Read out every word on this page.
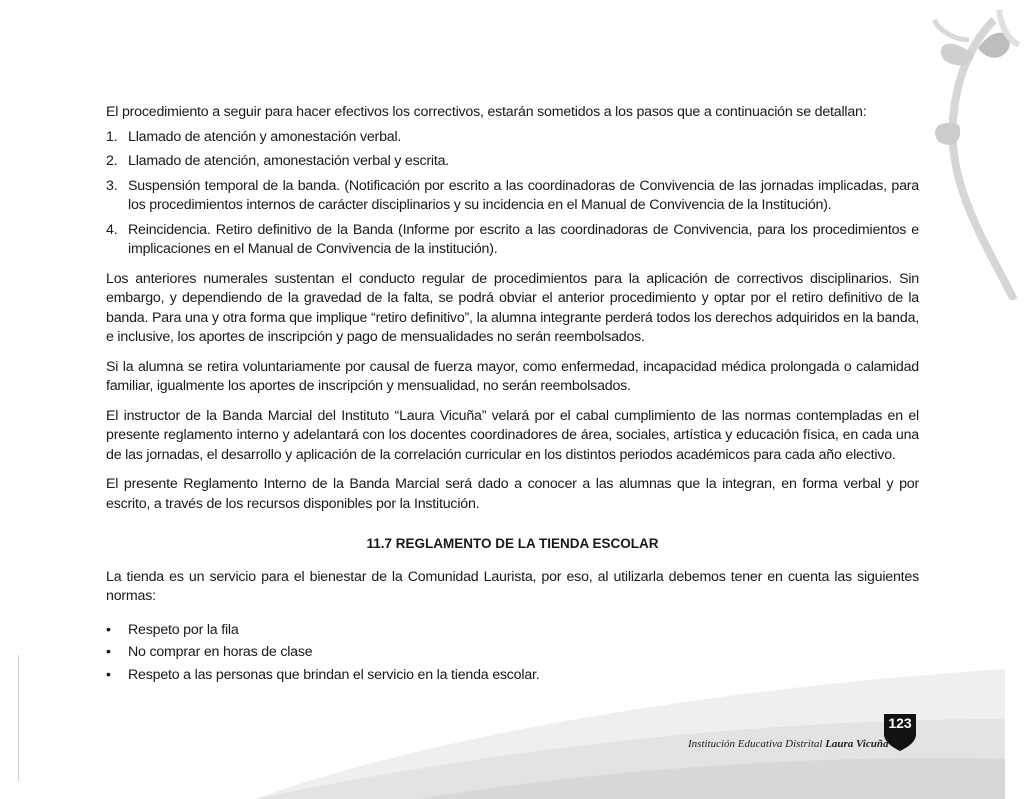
El procedimiento a seguir para hacer efectivos los correctivos, estarán sometidos a los pasos que a continuación se detallan:

1. Llamado de atención y amonestación verbal.
2. Llamado de atención, amonestación verbal y escrita.
3. Suspensión temporal de la banda. (Notificación por escrito a las coordinadoras de Convivencia de las jornadas implicadas, para los procedimientos internos de carácter disciplinarios y su incidencia en el Manual de Convivencia de la Institución).
4. Reincidencia. Retiro definitivo de la Banda (Informe por escrito a las coordinadoras de Convivencia, para los procedimientos e implicaciones en el Manual de Convivencia de la institución).

Los anteriores numerales sustentan el conducto regular de procedimientos para la aplicación de correctivos disciplinarios. Sin embargo, y dependiendo de la gravedad de la falta, se podrá obviar el anterior procedimiento y optar por el retiro definitivo de la banda. Para una y otra forma que implique “retiro definitivo”, la alumna integrante perderá todos los derechos adquiridos en la banda, e inclusive, los aportes de inscripción y pago de mensualidades no serán reembolsados.

Si la alumna se retira voluntariamente por causal de fuerza mayor, como enfermedad, incapacidad médica prolongada o calamidad familiar, igualmente los aportes de inscripción y mensualidad, no serán reembolsados.

El instructor de la Banda Marcial del Instituto “Laura Vicuña” velará por el cabal cumplimiento de las normas contempladas en el presente reglamento interno y adelantará con los docentes coordinadores de área, sociales, artística y educación física, en cada una de las jornadas, el desarrollo y aplicación de la correlación curricular en los distintos periodos académicos para cada año electivo.

El presente Reglamento Interno de la Banda Marcial será dado a conocer a las alumnas que la integran, en forma verbal y por escrito, a través de los recursos disponibles por la Institución.

11.7 REGLAMENTO DE LA TIENDA ESCOLAR

La tienda es un servicio para el bienestar de la Comunidad Laurista, por eso, al utilizarla debemos tener en cuenta las siguientes normas:

• Respeto por la fila
• No comprar en horas de clase
• Respeto a las personas que brindan el servicio en la tienda escolar.
Institución Educativa Distrital Laura Vicuña
123
